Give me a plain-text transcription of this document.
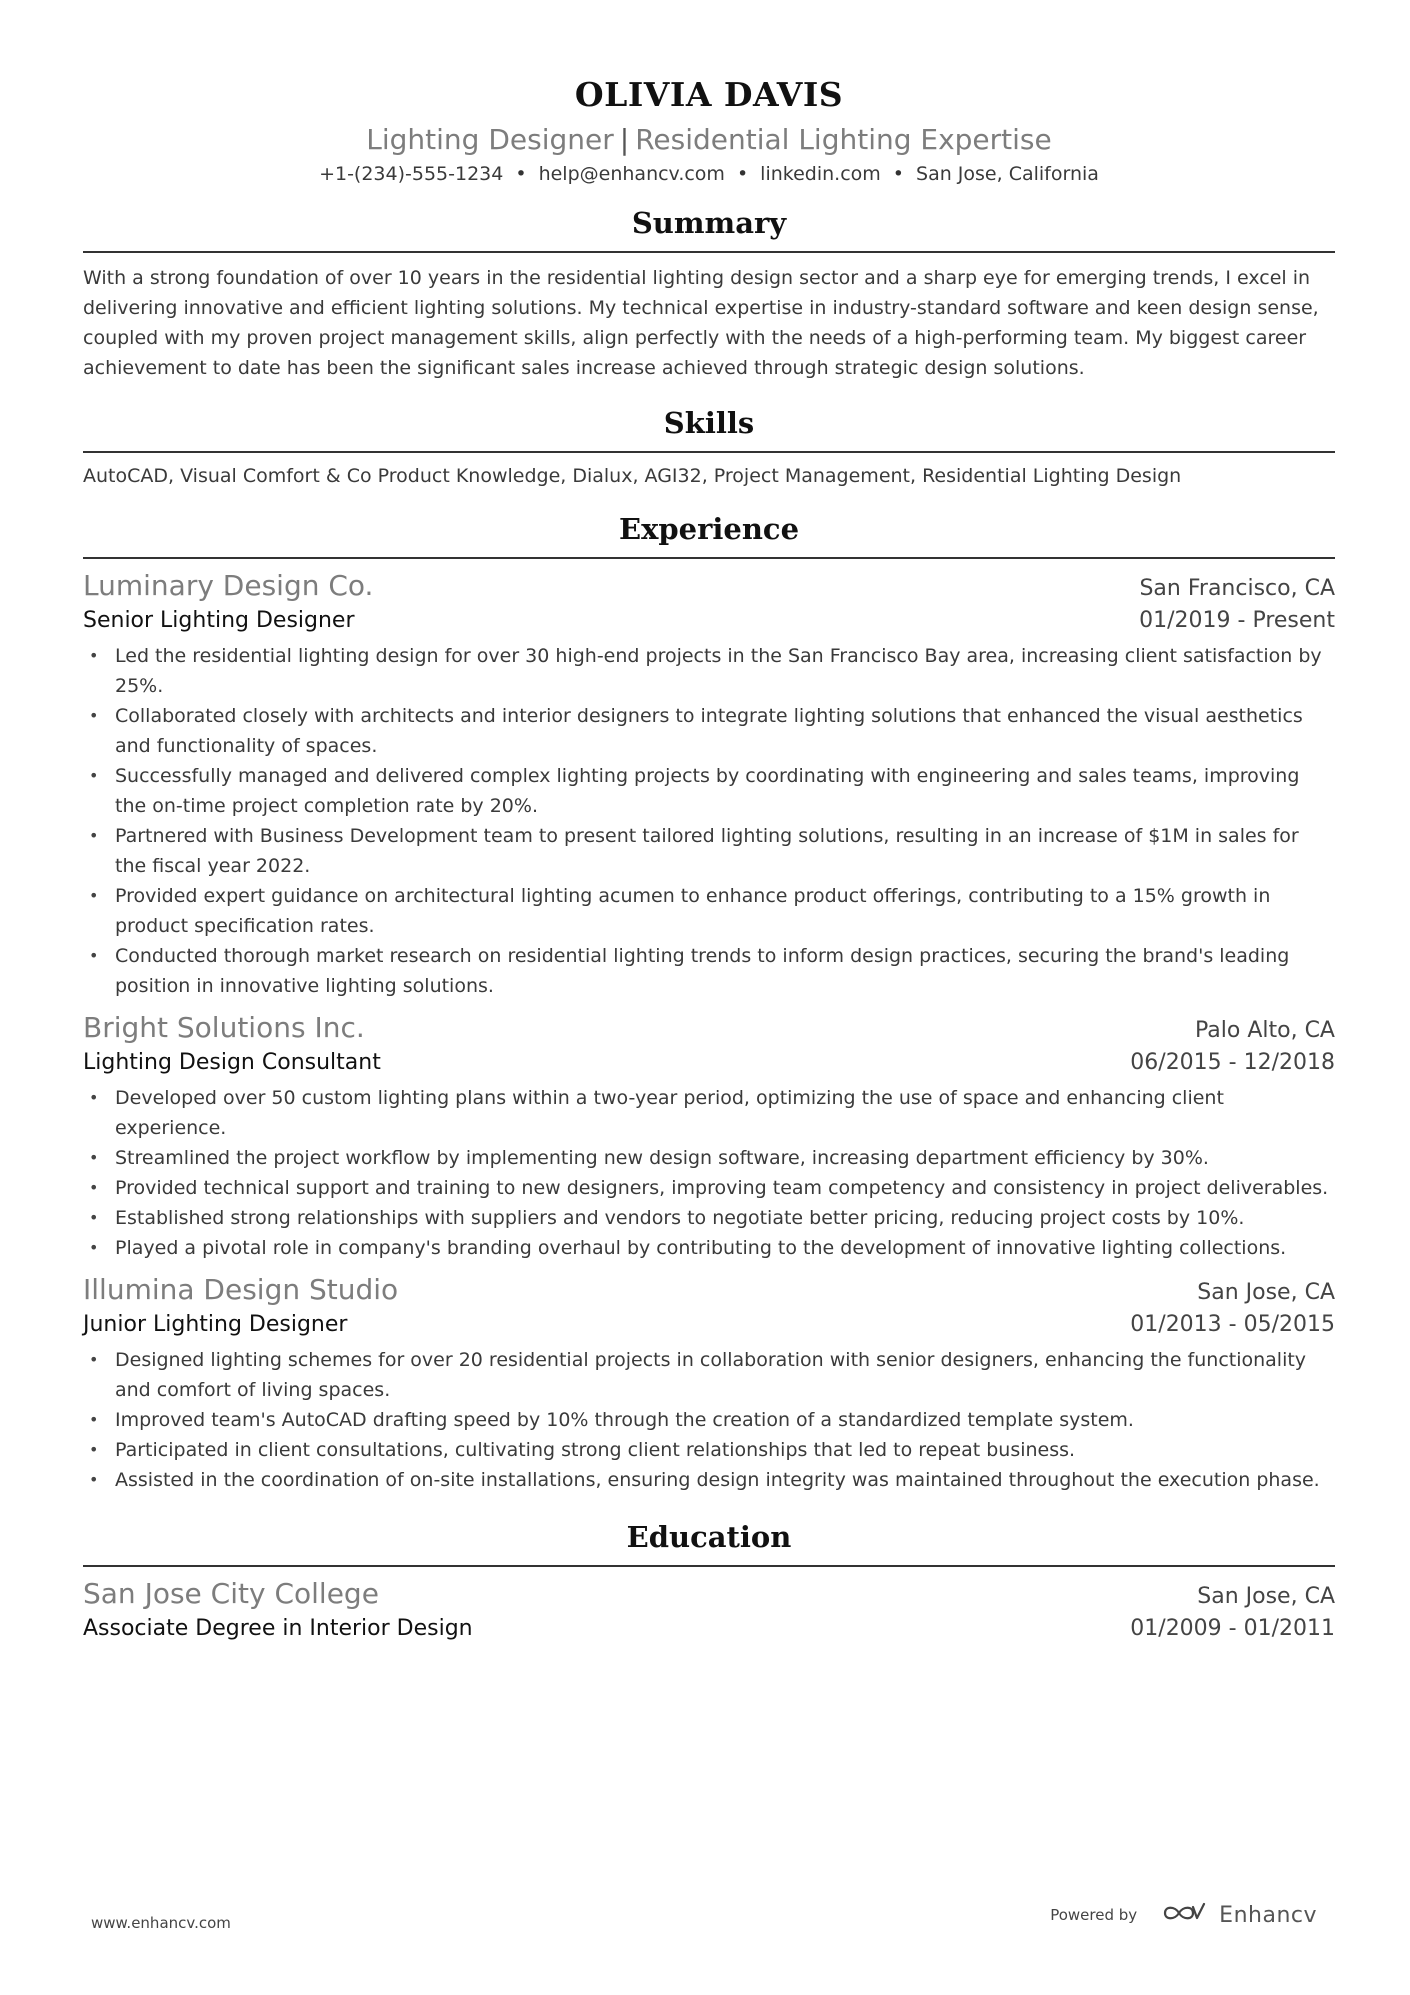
OLIVIA DAVIS
Lighting Designer | Residential Lighting Expertise
+1-(234)-555-1234 • help@enhancv.com • linkedin.com • San Jose, California
Summary
With a strong foundation of over 10 years in the residential lighting design sector and a sharp eye for emerging trends, I excel in delivering innovative and efficient lighting solutions. My technical expertise in industry-standard software and keen design sense, coupled with my proven project management skills, align perfectly with the needs of a high-performing team. My biggest career achievement to date has been the significant sales increase achieved through strategic design solutions.
Skills
AutoCAD, Visual Comfort & Co Product Knowledge, Dialux, AGI32, Project Management, Residential Lighting Design
Experience
Luminary Design Co.	San Francisco, CA
Senior Lighting Designer	01/2019 - Present
• Led the residential lighting design for over 30 high-end projects in the San Francisco Bay area, increasing client satisfaction by 25%.
• Collaborated closely with architects and interior designers to integrate lighting solutions that enhanced the visual aesthetics and functionality of spaces.
• Successfully managed and delivered complex lighting projects by coordinating with engineering and sales teams, improving the on-time project completion rate by 20%.
• Partnered with Business Development team to present tailored lighting solutions, resulting in an increase of $1M in sales for the fiscal year 2022.
• Provided expert guidance on architectural lighting acumen to enhance product offerings, contributing to a 15% growth in product specification rates.
• Conducted thorough market research on residential lighting trends to inform design practices, securing the brand's leading position in innovative lighting solutions.
Bright Solutions Inc.	Palo Alto, CA
Lighting Design Consultant	06/2015 - 12/2018
• Developed over 50 custom lighting plans within a two-year period, optimizing the use of space and enhancing client experience.
• Streamlined the project workflow by implementing new design software, increasing department efficiency by 30%.
• Provided technical support and training to new designers, improving team competency and consistency in project deliverables.
• Established strong relationships with suppliers and vendors to negotiate better pricing, reducing project costs by 10%.
• Played a pivotal role in company's branding overhaul by contributing to the development of innovative lighting collections.
Illumina Design Studio	San Jose, CA
Junior Lighting Designer	01/2013 - 05/2015
• Designed lighting schemes for over 20 residential projects in collaboration with senior designers, enhancing the functionality and comfort of living spaces.
• Improved team's AutoCAD drafting speed by 10% through the creation of a standardized template system.
• Participated in client consultations, cultivating strong client relationships that led to repeat business.
• Assisted in the coordination of on-site installations, ensuring design integrity was maintained throughout the execution phase.
Education
San Jose City College	San Jose, CA
Associate Degree in Interior Design	01/2009 - 01/2011
www.enhancv.com	Powered by	Enhancv
